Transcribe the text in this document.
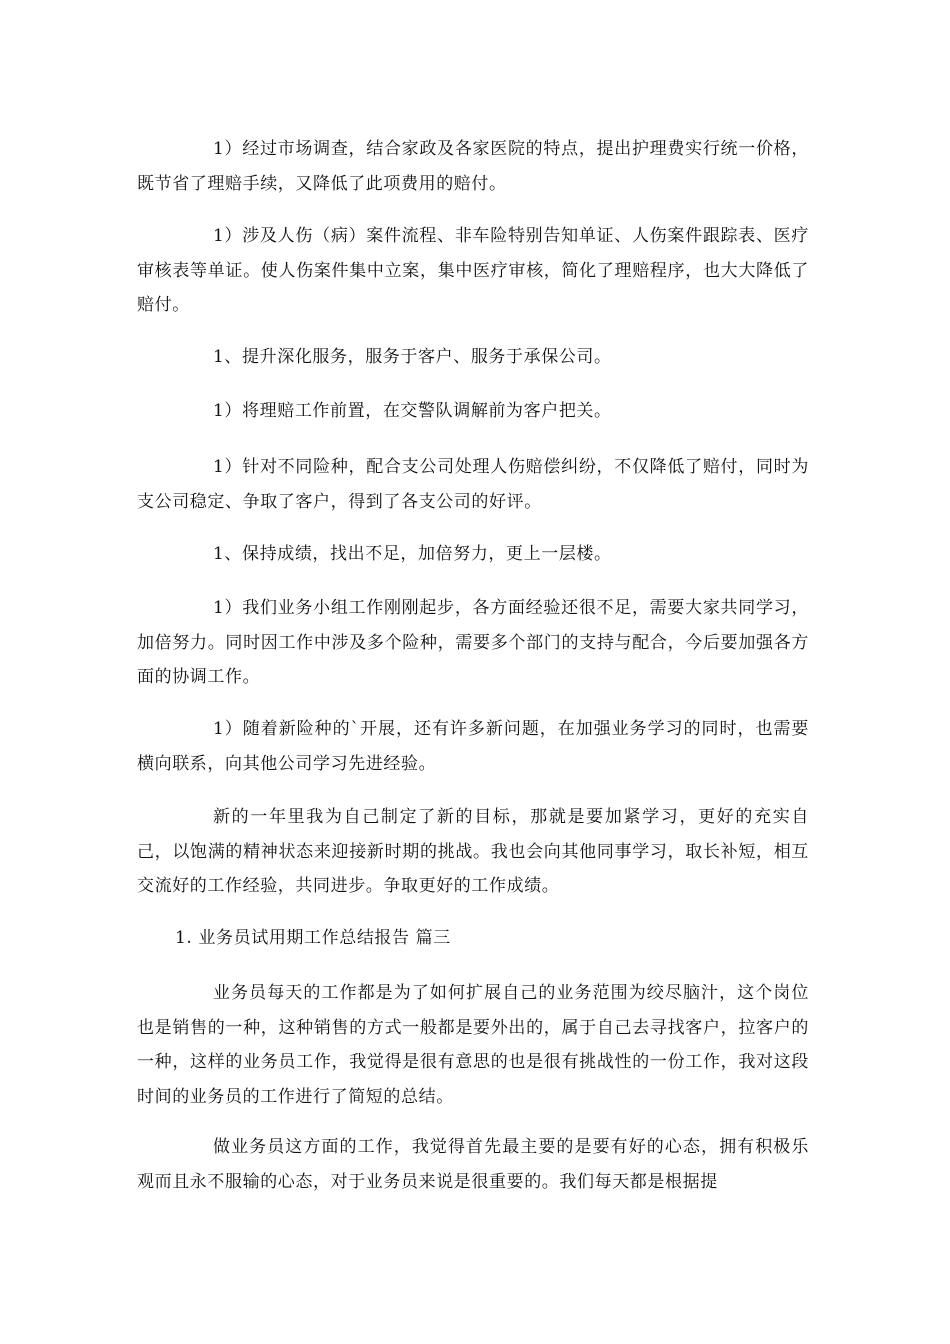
1）经过市场调查，结合家政及各家医院的特点，提出护理费实行统一价格，既节省了理赔手续，又降低了此项费用的赔付。

1）涉及人伤（病）案件流程、非车险特别告知单证、人伤案件跟踪表、医疗审核表等单证。使人伤案件集中立案，集中医疗审核，简化了理赔程序，也大大降低了赔付。

1、提升深化服务，服务于客户、服务于承保公司。

1）将理赔工作前置，在交警队调解前为客户把关。

1）针对不同险种，配合支公司处理人伤赔偿纠纷，不仅降低了赔付，同时为支公司稳定、争取了客户，得到了各支公司的好评。

1、保持成绩，找出不足，加倍努力，更上一层楼。

1）我们业务小组工作刚刚起步，各方面经验还很不足，需要大家共同学习，加倍努力。同时因工作中涉及多个险种，需要多个部门的支持与配合，今后要加强各方面的协调工作。

1）随着新险种的`开展，还有许多新问题，在加强业务学习的同时，也需要横向联系，向其他公司学习先进经验。

新的一年里我为自己制定了新的目标，那就是要加紧学习，更好的充实自己，以饱满的精神状态来迎接新时期的挑战。我也会向其他同事学习，取长补短，相互交流好的工作经验，共同进步。争取更好的工作成绩。

1. 业务员试用期工作总结报告 篇三

业务员每天的工作都是为了如何扩展自己的业务范围为绞尽脑汁，这个岗位也是销售的一种，这种销售的方式一般都是要外出的，属于自己去寻找客户，拉客户的一种，这样的业务员工作，我觉得是很有意思的也是很有挑战性的一份工作，我对这段时间的业务员的工作进行了简短的总结。

做业务员这方面的工作，我觉得首先最主要的是要有好的心态，拥有积极乐观而且永不服输的心态，对于业务员来说是很重要的。我们每天都是根据提
